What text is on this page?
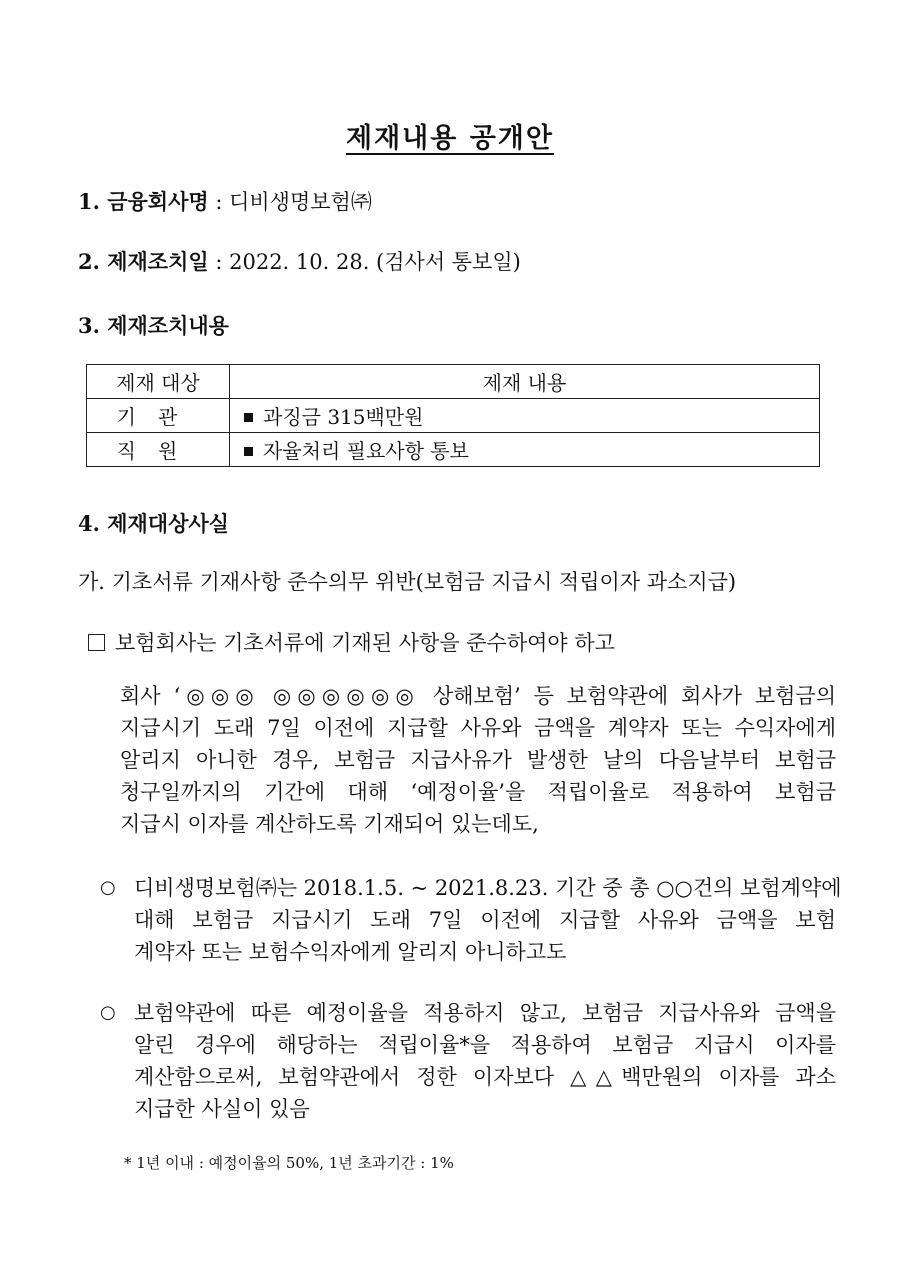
제재내용 공개안
1. 금융회사명 : 디비생명보험㈜
2. 제재조치일 : 2022. 10. 28. (검사서 통보일)
3. 제재조치내용
제재 대상	제재 내용
기관	과징금 315백만원
직원	자율처리 필요사항 통보
4. 제재대상사실
가. 기초서류 기재사항 준수의무 위반(보험금 지급시 적립이자 과소지급)
보험회사는 기초서류에 기재된 사항을 준수하여야 하고
회사 ‘◎◎◎ ◎◎◎◎◎◎ 상해보험’ 등 보험약관에 회사가 보험금의
지급시기 도래 7일 이전에 지급할 사유와 금액을 계약자 또는 수익자에게
알리지 아니한 경우, 보험금 지급사유가 발생한 날의 다음날부터 보험금
청구일까지의 기간에 대해 ‘예정이율’을 적립이율로 적용하여 보험금
지급시 이자를 계산하도록 기재되어 있는데도,
○ 디비생명보험㈜는 2018.1.5. ~ 2021.8.23. 기간 중 총 ○○건의 보험계약에
대해 보험금 지급시기 도래 7일 이전에 지급할 사유와 금액을 보험
계약자 또는 보험수익자에게 알리지 아니하고도
○ 보험약관에 따른 예정이율을 적용하지 않고, 보험금 지급사유와 금액을
알린 경우에 해당하는 적립이율*을 적용하여 보험금 지급시 이자를
계산함으로써, 보험약관에서 정한 이자보다 △△백만원의 이자를 과소
지급한 사실이 있음
* 1년 이내 : 예정이율의 50%, 1년 초과기간 : 1%
